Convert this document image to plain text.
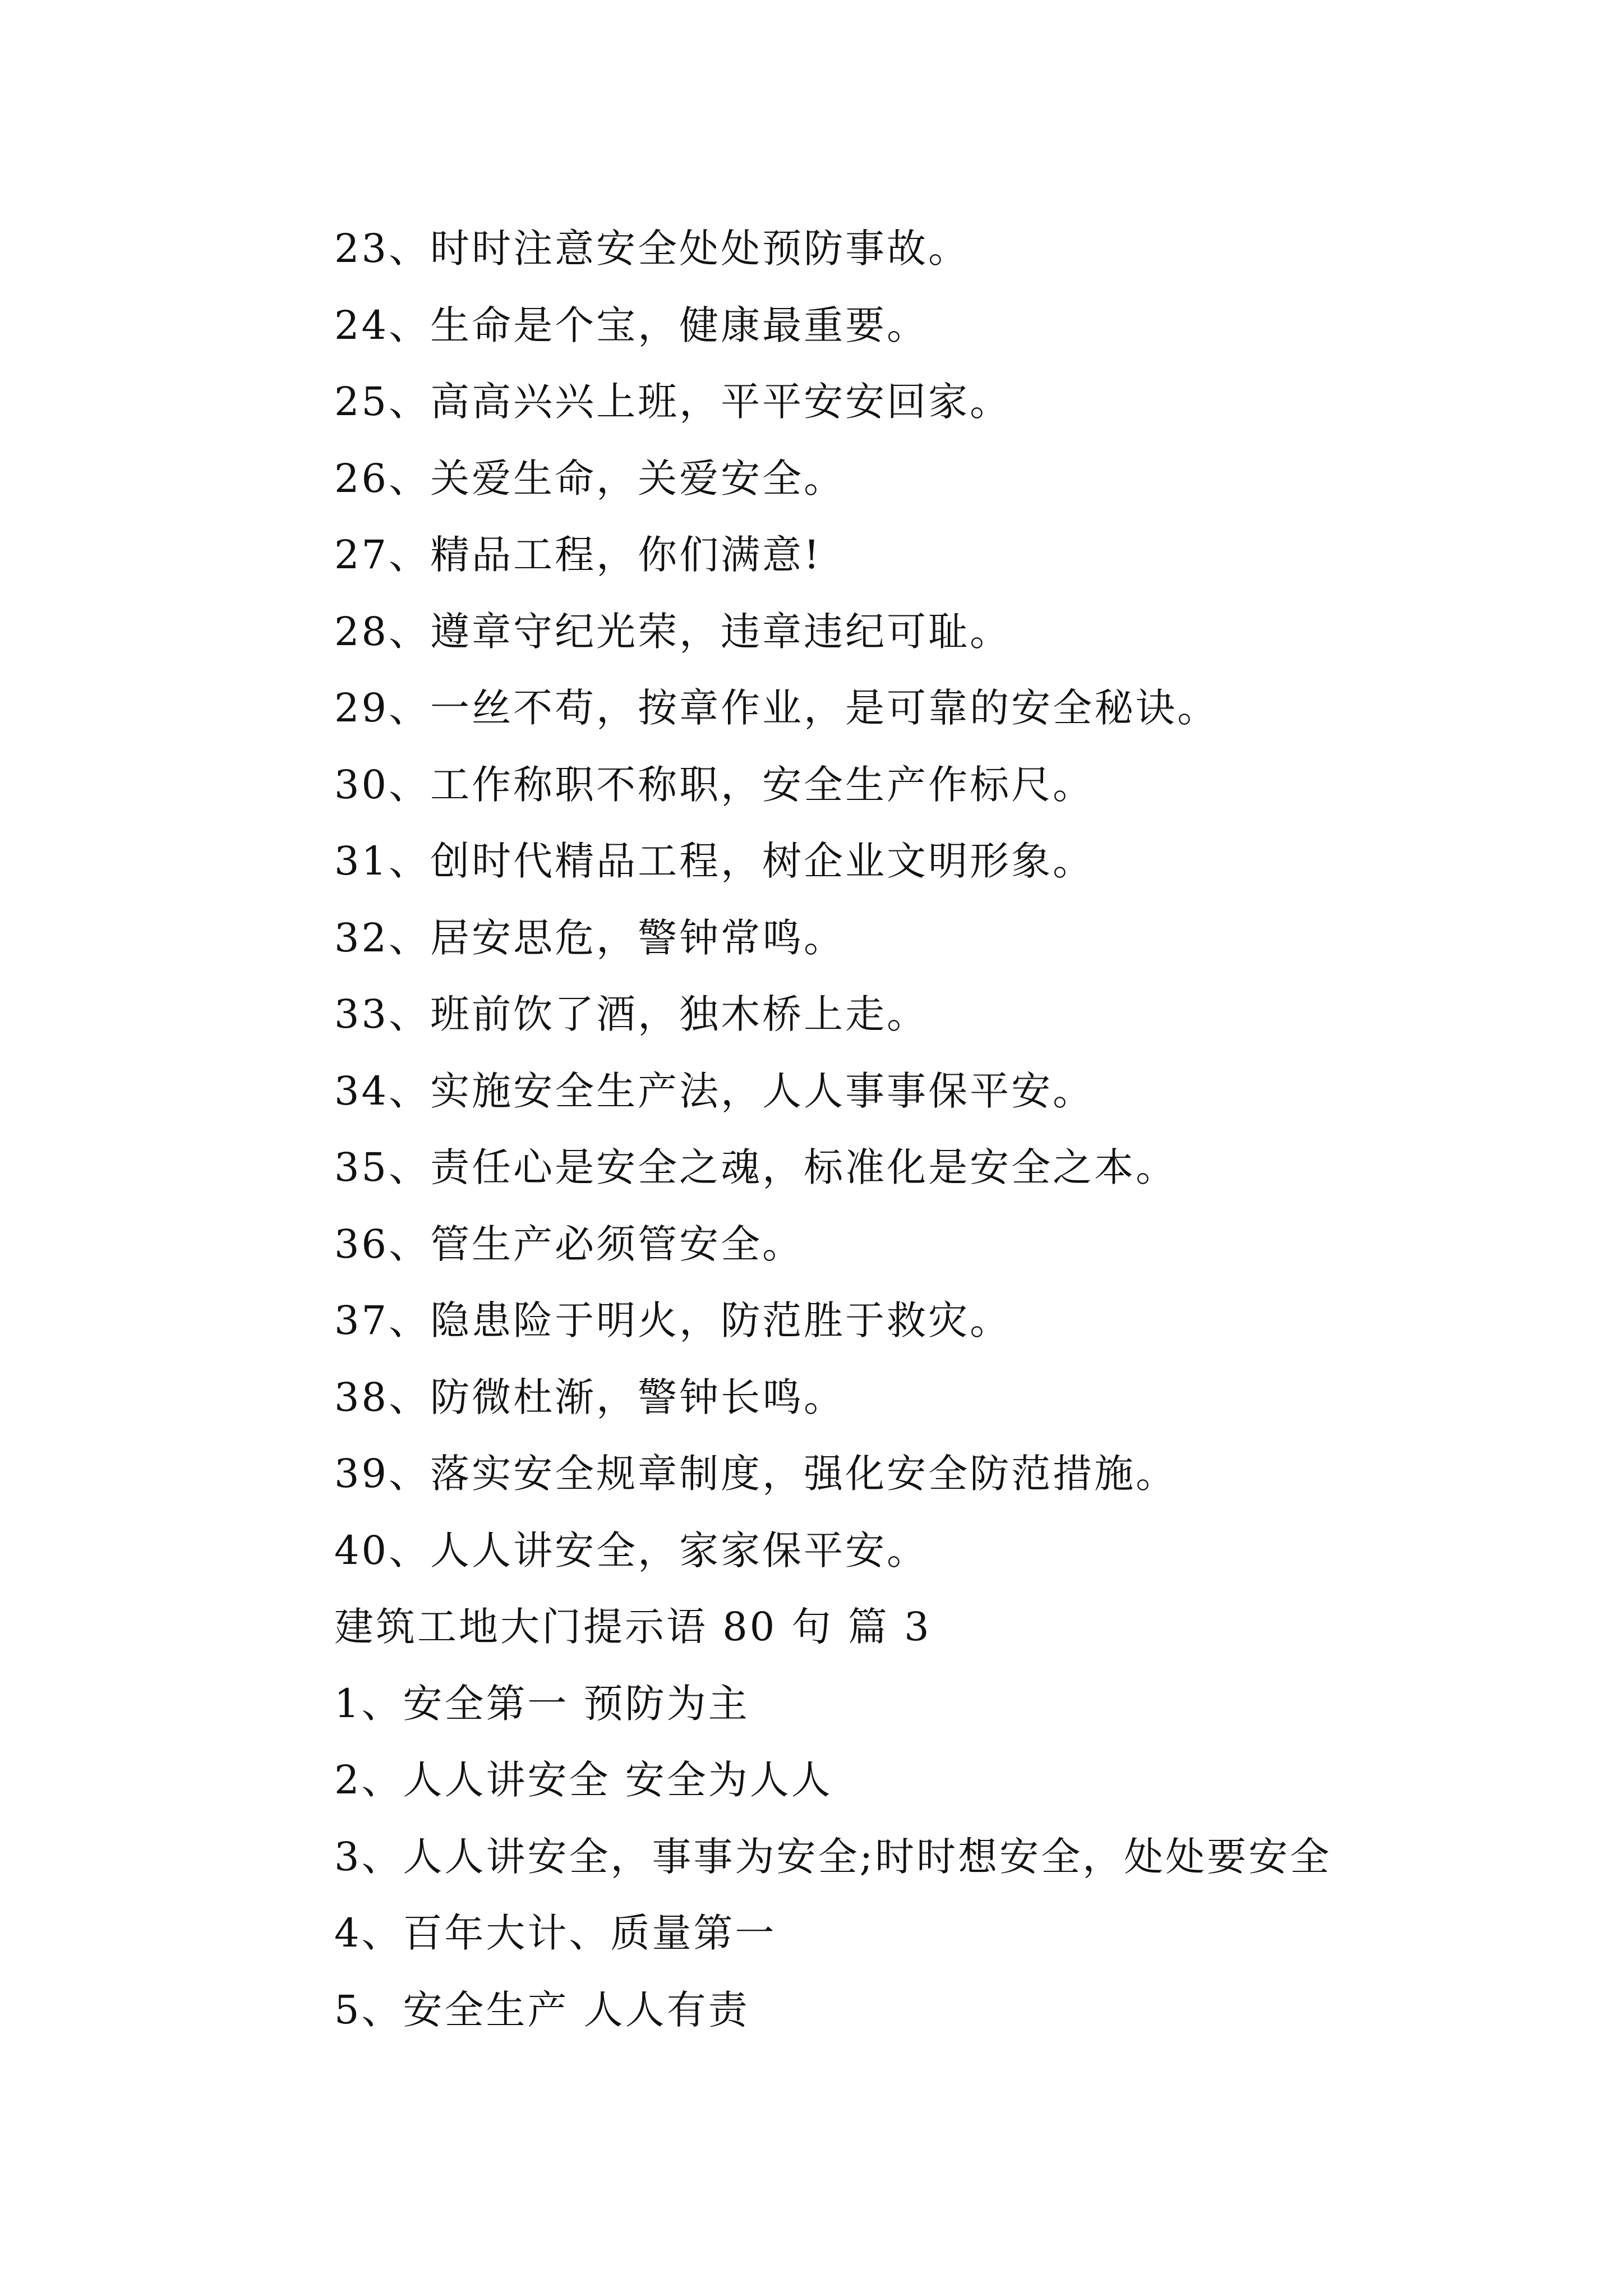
23、时时注意安全处处预防事故。
24、生命是个宝，健康最重要。
25、高高兴兴上班，平平安安回家。
26、关爱生命，关爱安全。
27、精品工程，你们满意!
28、遵章守纪光荣，违章违纪可耻。
29、一丝不苟，按章作业，是可靠的安全秘诀。
30、工作称职不称职，安全生产作标尺。
31、创时代精品工程，树企业文明形象。
32、居安思危，警钟常鸣。
33、班前饮了酒，独木桥上走。
34、实施安全生产法，人人事事保平安。
35、责任心是安全之魂，标准化是安全之本。
36、管生产必须管安全。
37、隐患险于明火，防范胜于救灾。
38、防微杜渐，警钟长鸣。
39、落实安全规章制度，强化安全防范措施。
40、人人讲安全，家家保平安。
建筑工地大门提示语 80 句 篇 3
1、安全第一 预防为主
2、人人讲安全 安全为人人
3、人人讲安全，事事为安全;时时想安全，处处要安全
4、百年大计、质量第一
5、安全生产 人人有责
